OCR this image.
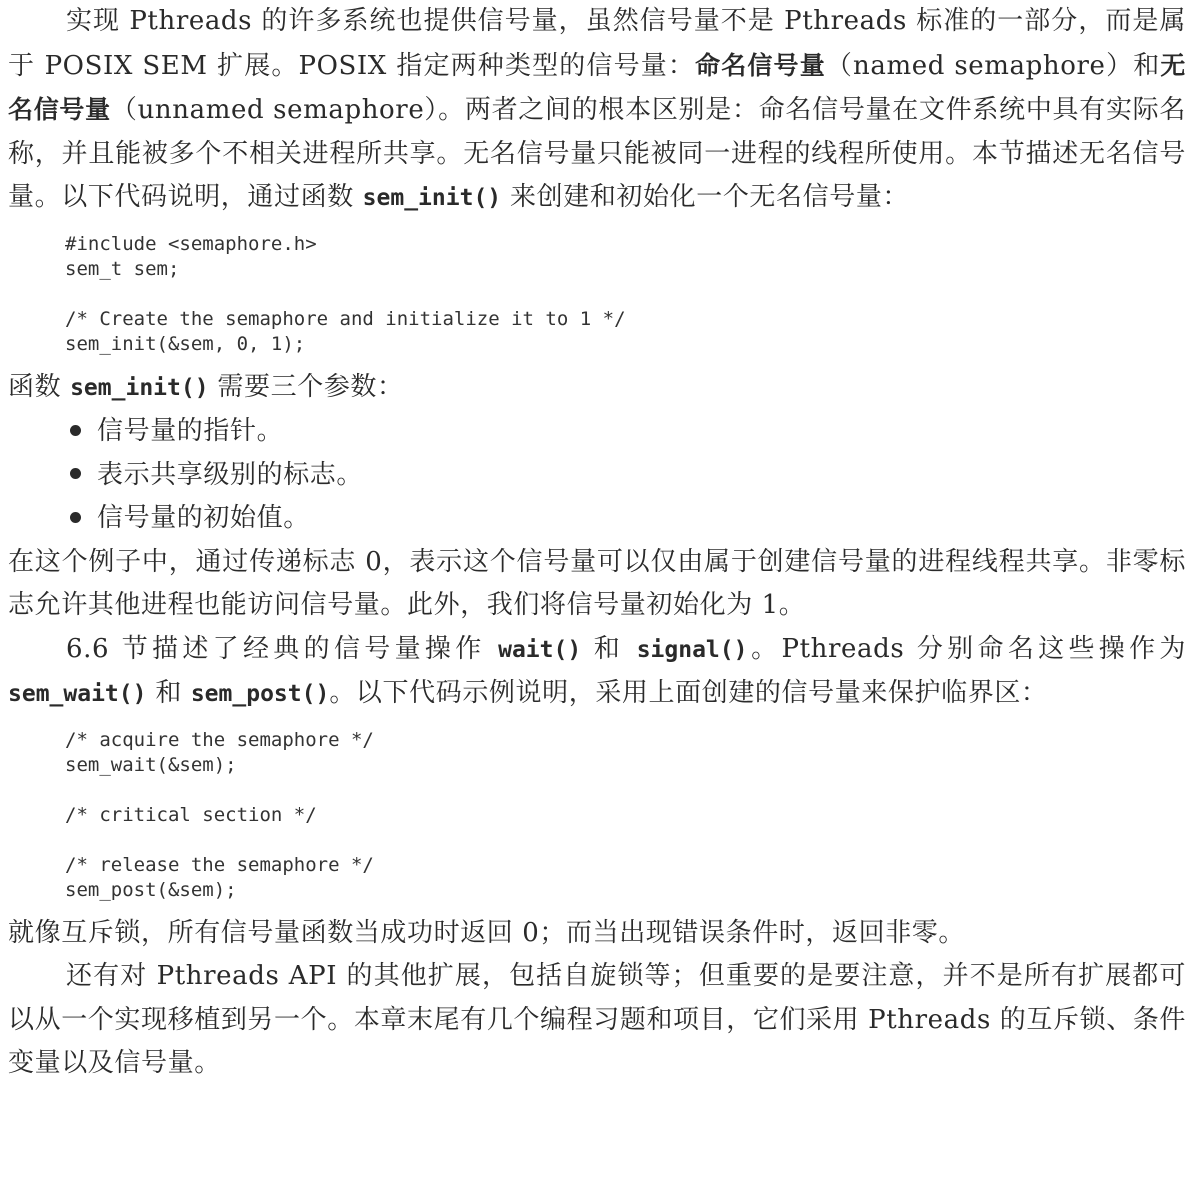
实现 Pthreads 的许多系统也提供信号量，虽然信号量不是 Pthreads 标准的一部分，而是属于 POSIX SEM 扩展。POSIX 指定两种类型的信号量：命名信号量（named semaphore）和无名信号量（unnamed semaphore）。两者之间的根本区别是：命名信号量在文件系统中具有实际名称，并且能被多个不相关进程所共享。无名信号量只能被同一进程的线程所使用。本节描述无名信号量。以下代码说明，通过函数 sem_init() 来创建和初始化一个无名信号量：

#include <semaphore.h>
sem_t sem;

/* Create the semaphore and initialize it to 1 */
sem_init(&sem, 0, 1);

函数 sem_init() 需要三个参数：

信号量的指针。
表示共享级别的标志。
信号量的初始值。

在这个例子中，通过传递标志 0，表示这个信号量可以仅由属于创建信号量的进程线程共享。非零标志允许其他进程也能访问信号量。此外，我们将信号量初始化为 1。

6.6 节描述了经典的信号量操作 wait() 和 signal()。Pthreads 分别命名这些操作为 sem_wait() 和 sem_post()。以下代码示例说明，采用上面创建的信号量来保护临界区：

/* acquire the semaphore */
sem_wait(&sem);

/* critical section */

/* release the semaphore */
sem_post(&sem);

就像互斥锁，所有信号量函数当成功时返回 0；而当出现错误条件时，返回非零。

还有对 Pthreads API 的其他扩展，包括自旋锁等；但重要的是要注意，并不是所有扩展都可以从一个实现移植到另一个。本章末尾有几个编程习题和项目，它们采用 Pthreads 的互斥锁、条件变量以及信号量。
